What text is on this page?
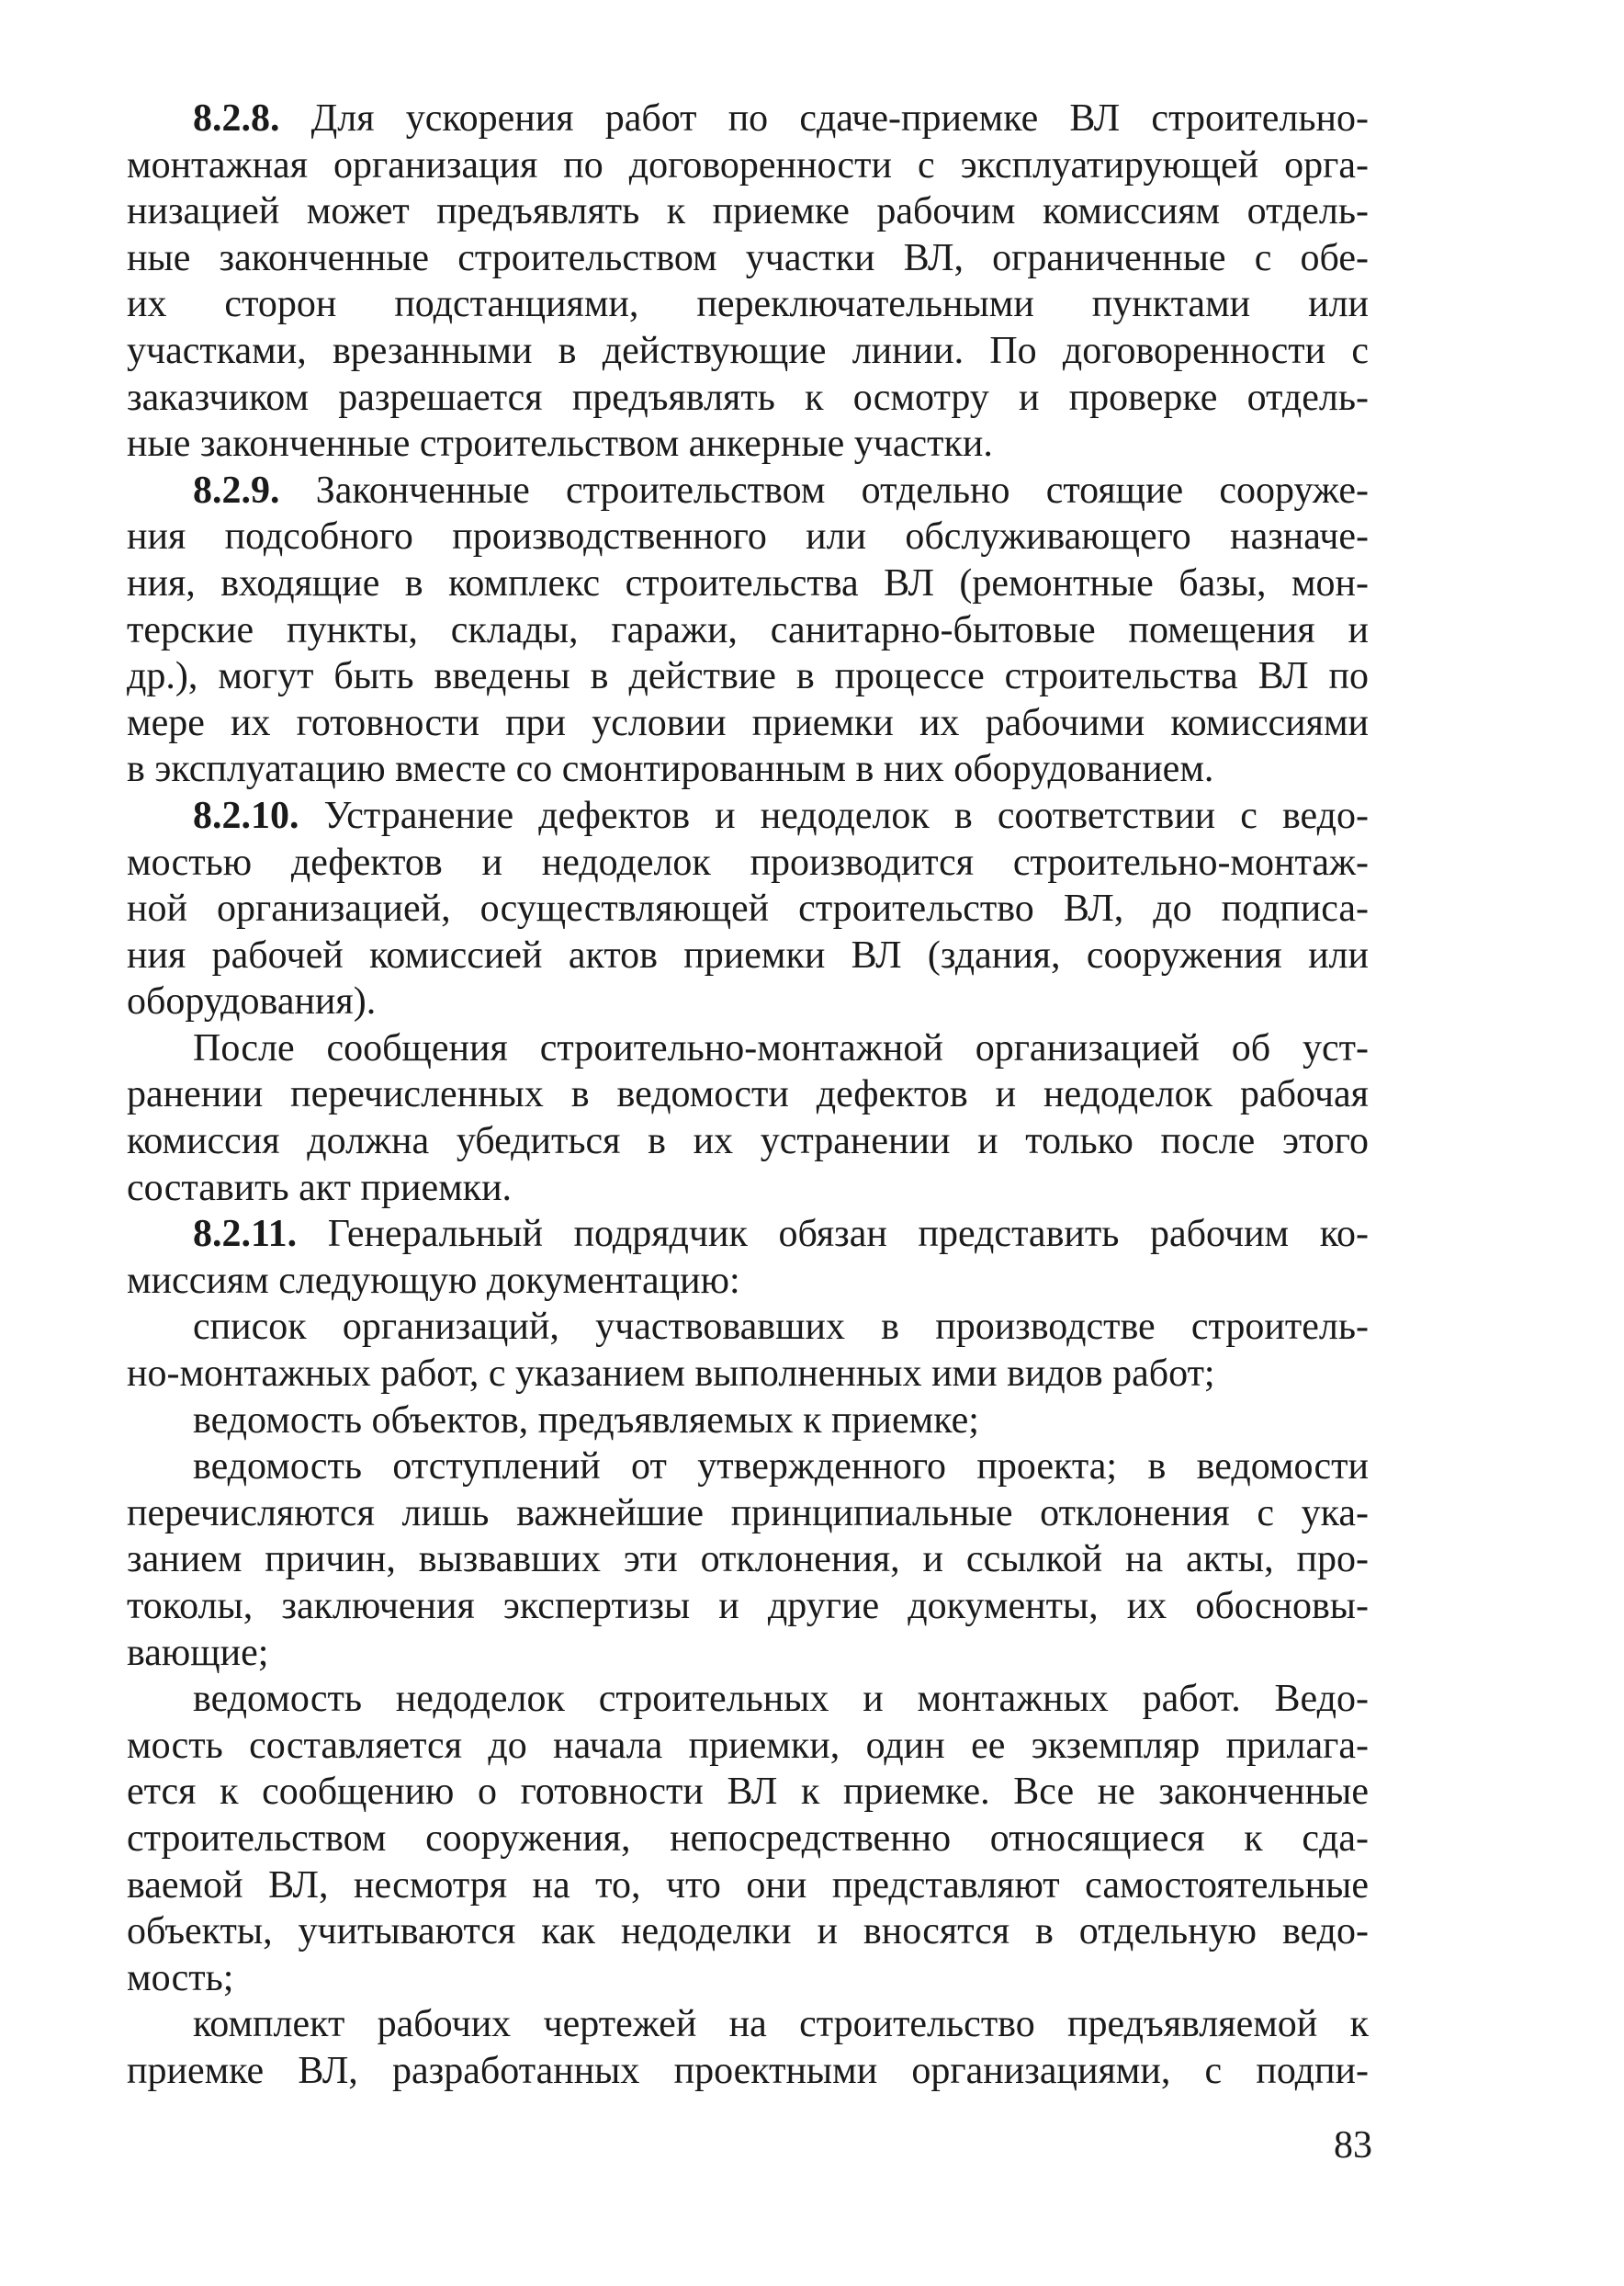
8.2.8. Для ускорения работ по сдаче-приемке ВЛ строительно-
монтажная организация по договоренности с эксплуатирующей орга-
низацией может предъявлять к приемке рабочим комиссиям отдель-
ные законченные строительством участки ВЛ, ограниченные с обе-
их сторон подстанциями, переключательными пунктами или
участками, врезанными в действующие линии. По договоренности с
заказчиком разрешается предъявлять к осмотру и проверке отдель-
ные законченные строительством анкерные участки.
8.2.9. Законченные строительством отдельно стоящие сооруже-
ния подсобного производственного или обслуживающего назначе-
ния, входящие в комплекс строительства ВЛ (ремонтные базы, мон-
терские пункты, склады, гаражи, санитарно-бытовые помещения и
др.), могут быть введены в действие в процессе строительства ВЛ по
мере их готовности при условии приемки их рабочими комиссиями
в эксплуатацию вместе со смонтированным в них оборудованием.
8.2.10. Устранение дефектов и недоделок в соответствии с ведо-
мостью дефектов и недоделок производится строительно-монтаж-
ной организацией, осуществляющей строительство ВЛ, до подписа-
ния рабочей комиссией актов приемки ВЛ (здания, сооружения или
оборудования).
После сообщения строительно-монтажной организацией об уст-
ранении перечисленных в ведомости дефектов и недоделок рабочая
комиссия должна убедиться в их устранении и только после этого
составить акт приемки.
8.2.11. Генеральный подрядчик обязан представить рабочим ко-
миссиям следующую документацию:
список организаций, участвовавших в производстве строитель-
но-монтажных работ, с указанием выполненных ими видов работ;
ведомость объектов, предъявляемых к приемке;
ведомость отступлений от утвержденного проекта; в ведомости
перечисляются лишь важнейшие принципиальные отклонения с ука-
занием причин, вызвавших эти отклонения, и ссылкой на акты, про-
токолы, заключения экспертизы и другие документы, их обосновы-
вающие;
ведомость недоделок строительных и монтажных работ. Ведо-
мость составляется до начала приемки, один ее экземпляр прилага-
ется к сообщению о готовности ВЛ к приемке. Все не законченные
строительством сооружения, непосредственно относящиеся к сда-
ваемой ВЛ, несмотря на то, что они представляют самостоятельные
объекты, учитываются как недоделки и вносятся в отдельную ведо-
мость;
комплект рабочих чертежей на строительство предъявляемой к
приемке ВЛ, разработанных проектными организациями, с подпи-
83
